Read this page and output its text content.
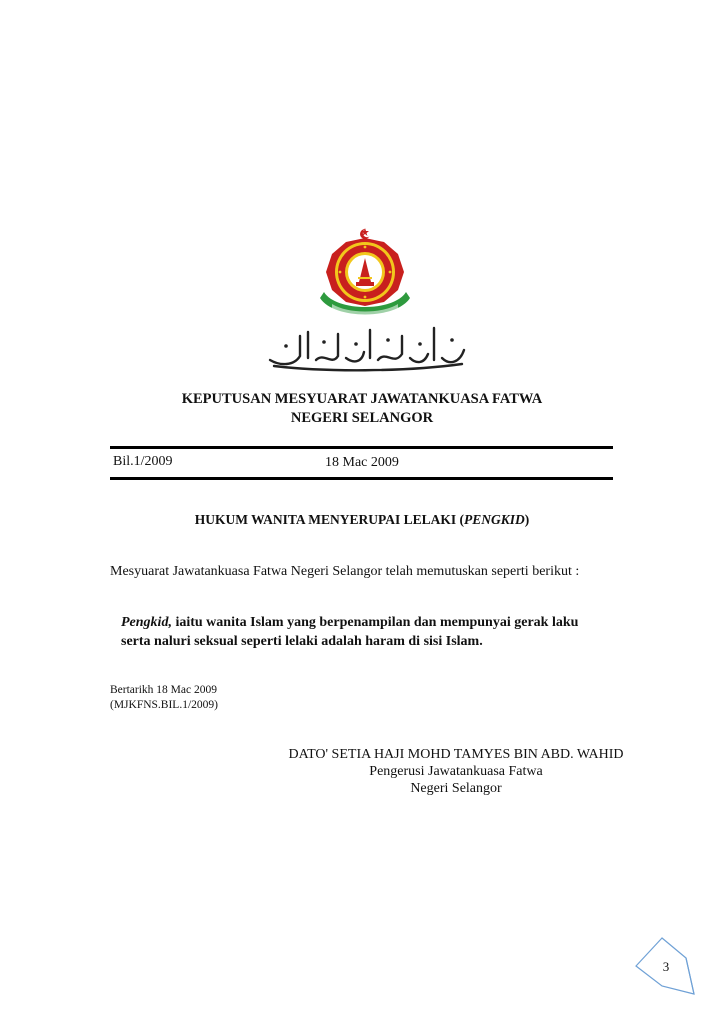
KEPUTUSAN MESYUARAT JAWATANKUASA FATWA
NEGERI SELANGOR
Bil.1/2009	18 Mac 2009
HUKUM WANITA MENYERUPAI LELAKI (PENGKID)
Mesyuarat Jawatankuasa Fatwa Negeri Selangor telah memutuskan seperti berikut :
Pengkid, iaitu wanita Islam yang berpenampilan dan mempunyai gerak laku serta naluri seksual seperti lelaki adalah haram di sisi Islam.
Bertarikh 18 Mac 2009
(MJKFNS.BIL.1/2009)
DATO' SETIA HAJI MOHD TAMYES BIN ABD. WAHID
Pengerusi Jawatankuasa Fatwa
Negeri Selangor
3
